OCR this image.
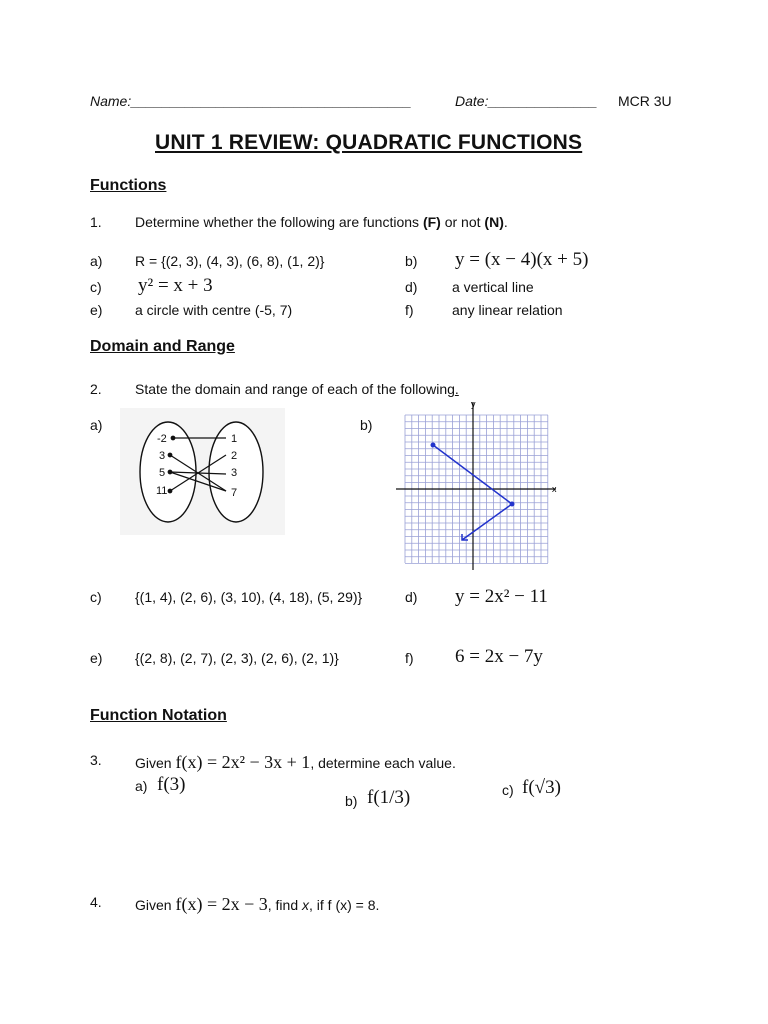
Name:____________________________________	Date:______________ MCR 3U
UNIT 1 REVIEW: QUADRATIC FUNCTIONS
Functions
1. Determine whether the following are functions (F) or not (N).
a) R = {(2, 3), (4, 3), (6, 8), (1, 2)}	b) y = (x − 4)(x + 5)
c) y² = x + 3	d) a vertical line
e) a circle with centre (-5, 7)	f)	any linear relation
Domain and Range
2. State the domain and range of each of the following.
a)
-2
3
5
11
1
2
3
7
b)
x
y
c) {(1, 4), (2, 6), (3, 10), (4, 18), (5, 29)}	d) y = 2x² − 11
e) {(2, 8), (2, 7), (2, 3), (2, 6), (2, 1)}	f) 6 = 2x − 7y
Function Notation
3. Given f(x) = 2x² − 3x + 1, determine each value.
a) f(3)
b) f(1/3)	c) f(√3)
4. Given f(x) = 2x − 3, find x, if f (x) = 8.
